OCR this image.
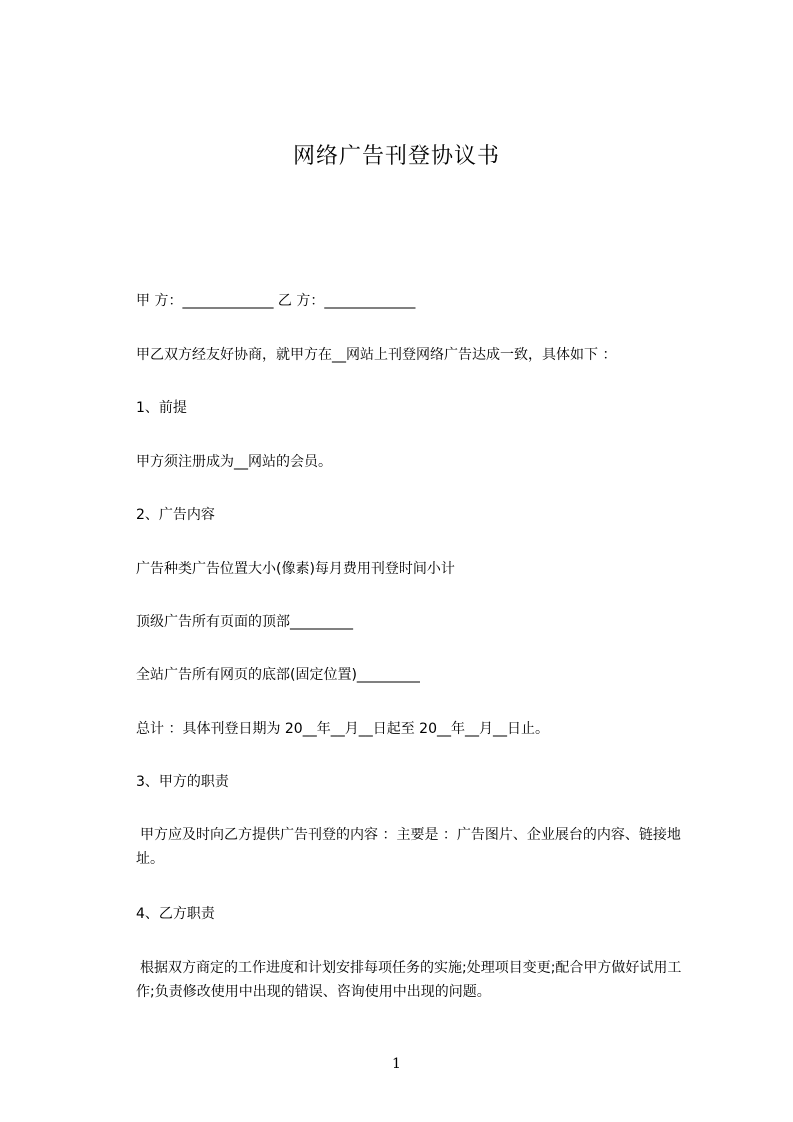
网络广告刊登协议书

甲 方：_____________ 乙 方：_____________

甲乙双方经友好协商，就甲方在__网站上刊登网络广告达成一致，具体如下 ：

1、前提

甲方须注册成为__网站的会员。

2、广告内容

广告种类广告位置大小(像素)每月费用刊登时间小计

顶级广告所有页面的顶部_________

全站广告所有网页的底部(固定位置)_________

总计 ：具体刊登日期为 20__年__月__日起至 20__年__月__日止。

3、甲方的职责

甲方应及时向乙方提供广告刊登的内容 ：主要是 ：广告图片、企业展台的内容、链接地址。

4、乙方职责

根据双方商定的工作进度和计划安排每项任务的实施;处理项目变更;配合甲方做好试用工作;负责修改使用中出现的错误、咨询使用中出现的问题。

1
